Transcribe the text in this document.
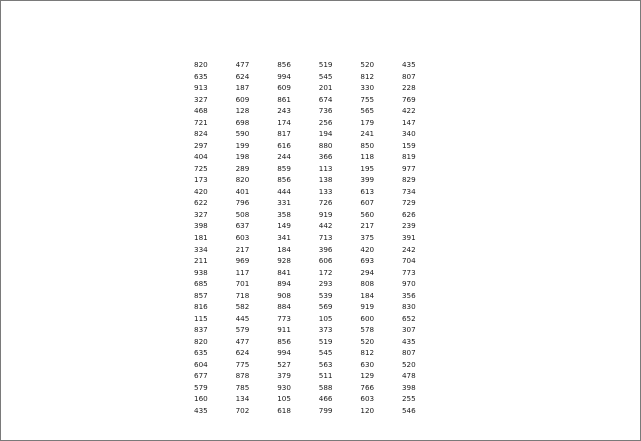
820	477	856	519	520	435
635	624	994	545	812	807
913	187	609	201	330	228
327	609	861	674	755	769
468	128	243	736	565	422
721	698	174	256	179	147
824	590	817	194	241	340
297	199	616	880	850	159
404	198	244	366	118	819
725	289	859	113	195	977
173	820	856	138	399	829
420	401	444	133	613	734
622	796	331	726	607	729
327	508	358	919	560	626
398	637	149	442	217	239
181	603	341	713	375	391
334	217	184	396	420	242
211	969	928	606	693	704
938	117	841	172	294	773
685	701	894	293	808	970
857	718	908	539	184	356
816	582	884	569	919	830
115	445	773	105	600	652
837	579	911	373	578	307
820	477	856	519	520	435
635	624	994	545	812	807
604	775	527	563	630	520
677	878	379	511	129	478
579	785	930	588	766	398
160	134	105	466	603	255
435	702	618	799	120	546
